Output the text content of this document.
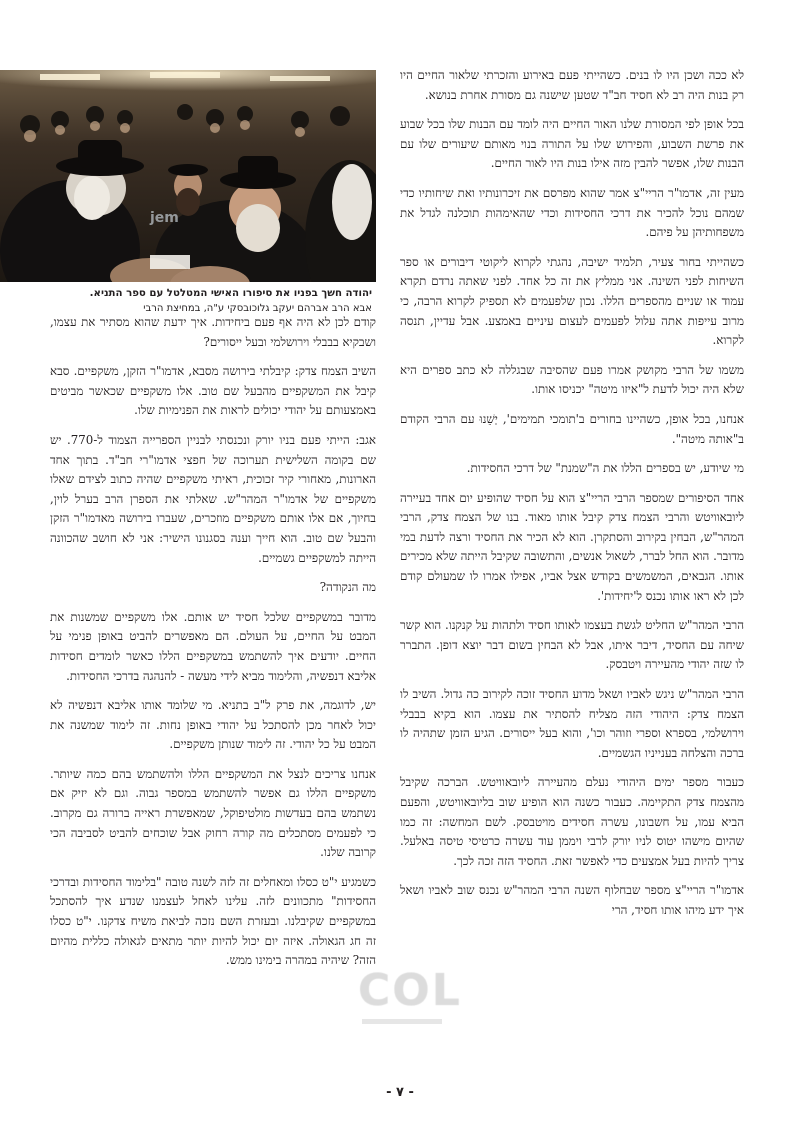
jem
יהודה חשך בפניו את סיפורו האישי המטלטל עם ספר התניא.
אבא הרב אברהם יעקב גלוכובסקי ע"ה, במחיצת הרבי

לא ככה ושכן היו לו בנים. כשהייתי פעם באירוע והזכרתי שלאור החיים היו רק בנות היה רב לא חסיד חב"ד שטען שישנה גם מסורת אחרת בנושא.

בכל אופן לפי המסורת שלנו האור החיים היה לומד עם הבנות שלו בכל שבוע את פרשת השבוע, והפירוש שלו על התורה בנוי מאותם שיעורים שלו עם הבנות שלו, אפשר להבין מזה אילו בנות היו לאור החיים.

מעין זה, אדמו"ר הריי"צ אמר שהוא מפרסם את זיכרונותיו ואת שיחותיו כדי שמהם נוכל להכיר את דרכי החסידות וכדי שהאימהות תוכלנה לגדל את משפחותיהן על פיהם.

כשהייתי בחור צעיר, תלמיד ישיבה, נהגתי לקרוא ליקוטי דיבורים או ספר השיחות לפני השינה. אני ממליץ את זה כל אחד. לפני שאתה נרדם תקרא עמוד או שניים מהספרים הללו. נכון שלפעמים לא תספיק לקרוא הרבה, כי מרוב עייפות אתה עלול לפעמים לעצום עיניים באמצע. אבל עדיין, תנסה לקרוא.

משמו של הרבי מקושק אמרו פעם שהסיבה שבגללה לא כתב ספרים היא שלא היה יכול לדעת ל"איזו מיטה" יכניסו אותו.

אנחנו, בכל אופן, כשהיינו בחורים ב'תומכי תמימים', יְשֵׁנוּ עם הרבי הקודם ב"אותה מיטה".

מי שיודע, יש בספרים הללו את ה"שמנת" של דרכי החסידות.

אחד הסיפורים שמספר הרבי הריי"צ הוא על חסיד שהופיע יום אחד בעיירה ליובאוויטש והרבי הצמח צדק קיבל אותו מאוד. בנו של הצמח צדק, הרבי המהר"ש, הבחין בקירוב והסתקרן. הוא לא הכיר את החסיד ורצה לדעת במי מדובר. הוא החל לברר, לשאול אנשים, והתשובה שקיבל הייתה שלא מכירים אותו. הגבאים, המשמשים בקודש אצל אביו, אפילו אמרו לו שמעולם קודם לכן לא ראו אותו נכנס ל'יחידות'.

הרבי המהר"ש החליט לגשת בעצמו לאותו חסיד ולתהות על קנקנו. הוא קשר שיחה עם החסיד, דיבר איתו, אבל לא הבחין בשום דבר יוצא דופן. התברר לו שזה יהודי מהעיירה ויטבסק.

הרבי המהר"ש ניגש לאביו ושאל מדוע החסיד זוכה לקירוב כה גדול. השיב לו הצמח צדק: היהודי הזה מצליח להסתיר את עצמו. הוא בקיא בבבלי וירושלמי, בספרא וספרי וזוהר וכו', והוא בעל ייסורים. הגיע הזמן שתהיה לו ברכה והצלחה בענייניו הגשמיים.

כעבור מספר ימים היהודי נעלם מהעיירה ליובאוויטש. הברכה שקיבל מהצמח צדק התקיימה. כעבור כשנה הוא הופיע שוב בליובאוויטש, והפעם הביא עמו, על חשבונו, עשרה חסידים מויטבסק. לשם המחשה: זה כמו שהיום מישהו יטוס לניו יורק לרבי ויממן עוד עשרה כרטיסי טיסה באלעל. צריך להיות בעל אמצעים כדי לאפשר זאת. החסיד הזה זכה לכך.

אדמו"ר הריי"צ מספר שבחלוף השנה הרבי המהר"ש נכנס שוב לאביו ושאל איך ידע מיהו אותו חסיד, הרי

קודם לכן לא היה אף פעם ביחידות. איך ידעת שהוא מסתיר את עצמו, ושבקיא בבבלי וירושלמי ובעל ייסורים?

השיב הצמח צדק: קיבלתי בירושה מסבא, אדמו"ר הזקן, משקפיים. סבא קיבל את המשקפיים מהבעל שם טוב. אלו משקפיים שכאשר מביטים באמצעותם על יהודי יכולים לראות את הפנימיות שלו.

אגב: הייתי פעם בניו יורק ונכנסתי לבניין הספרייה הצמוד ל-770. יש שם בקומה השלישית תערוכה של חפצי אדמו"רי חב"ד. בתוך אחד הארונות, מאחורי קיר זכוכית, ראיתי משקפיים שהיה כתוב לצידם שאלו משקפיים של אדמו"ר המהר"ש. שאלתי את הספרן הרב בערל לוין, בחיוך, אם אלו אותם משקפיים מוזכרים, שעברו בירושה מאדמו"ר הזקן והבעל שם טוב. הוא חייך וענה בסגנונו הישיר: אני לא חושב שהכוונה הייתה למשקפיים גשמיים.

מה הנקודה?

מדובר במשקפיים שלכל חסיד יש אותם. אלו משקפיים שמשנות את המבט על החיים, על העולם. הם מאפשרים להביט באופן פנימי על החיים. יודעים איך להשתמש במשקפיים הללו כאשר לומדים חסידות אליבא דנפשיה, והלימוד מביא לידי מעשה - להנהגה בדרכי החסידות.

יש, לדוגמה, את פרק ל"ב בתניא. מי שלומד אותו אליבא דנפשיה לא יכול לאחר מכן להסתכל על יהודי באופן נחות. זה לימוד שמשנה את המבט על כל יהודי. זה לימוד שנותן משקפיים.

אנחנו צריכים לנצל את המשקפיים הללו ולהשתמש בהם כמה שיותר. משקפיים הללו גם אפשר להשתמש במספר גבוה. וגם לא יזיק אם נשתמש בהם בעדשות מולטיפוקל, שמאפשרת ראייה ברורה גם מקרוב. כי לפעמים מסתכלים מה קורה רחוק אבל שוכחים להביט לסביבה הכי קרובה שלנו.

כשמגיע י"ט כסלו ומאחלים זה לזה לשנה טובה "בלימוד החסידות ובדרכי החסידות" מתכוונים לזה. עלינו לאחל לעצמנו שנדע איך להסתכל במשקפיים שקיבלנו. ובעזרת השם נזכה לביאת משיח צדקנו. י"ט כסלו זה חג הגאולה. איזה יום יכול להיות יותר מתאים לגאולה כללית מהיום הזה? שיהיה במהרה בימינו ממש.

COL
- ٧ -
